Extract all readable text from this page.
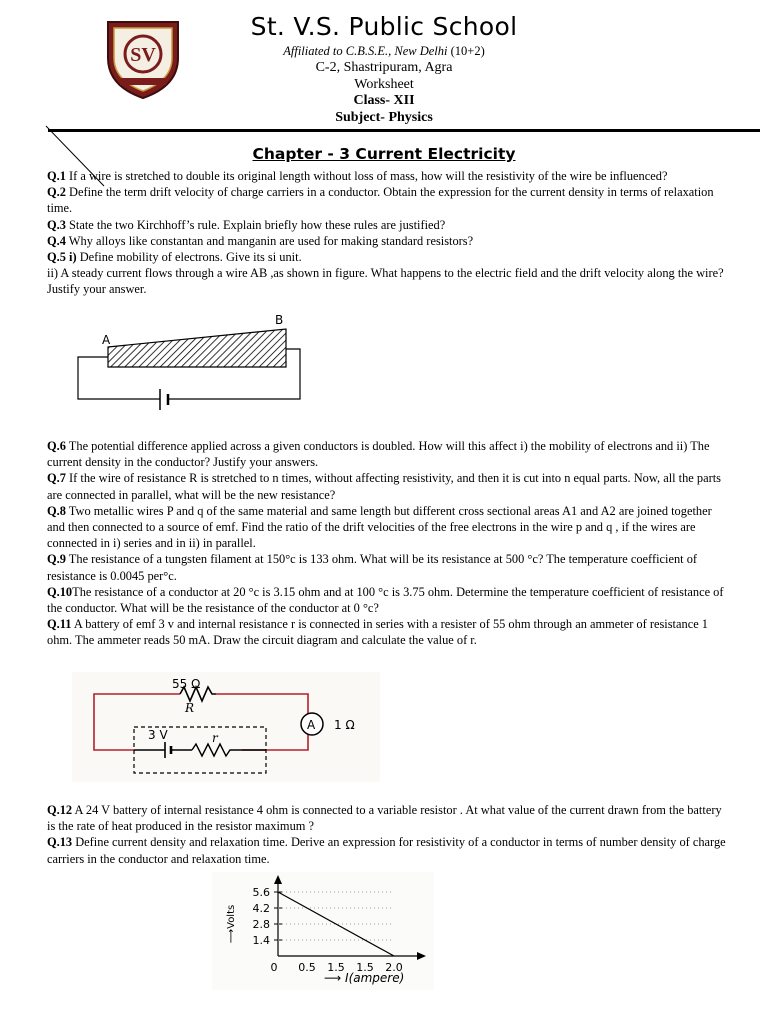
SV
St. V.S. Public School
Affiliated to C.B.S.E., New Delhi (10+2)
C-2, Shastripuram, Agra
Worksheet
Class- XII
Subject- Physics
Chapter - 3 Current Electricity

Q.1 If a wire is stretched to double its original length without loss of mass, how will the resistivity of the wire be influenced?

Q.2 Define the term drift velocity of charge carriers in a conductor. Obtain the expression for the current density in terms of relaxation time.

Q.3 State the two Kirchhoff’s rule. Explain briefly how these rules are justified?

Q.4 Why alloys like constantan and manganin are used for making standard resistors?

Q.5 i) Define mobility of electrons. Give its si unit.

ii) A steady current flows through a wire AB ,as shown in figure. What happens to the electric field and the drift velocity along the wire? Justify your answer.

A
B

Q.6 The potential difference applied across a given conductors is doubled. How will this affect i) the mobility of electrons and ii) The current density in the conductor? Justify your answers.

Q.7 If the wire of resistance R is stretched to n times, without affecting resistivity, and then it is cut into n equal parts. Now, all the parts are connected in parallel, what will be the new resistance?

Q.8 Two metallic wires P and q of the same material and same length but different cross sectional areas A1 and A2 are joined together and then connected to a source of emf. Find the ratio of the drift velocities of the free electrons in the wire p and q , if the wires are connected in i) series and in ii) in parallel.

Q.9 The resistance of a tungsten filament at 150°c is 133 ohm. What will be its resistance at 500 °c? The temperature coefficient of resistance is 0.0045 per°c.

Q.10The resistance of a conductor at 20 °c is 3.15 ohm and at 100 °c is 3.75 ohm. Determine the temperature coefficient of resistance of the conductor. What will be the resistance of the conductor at 0 °c?

Q.11 A battery of emf 3 v and internal resistance r is connected in series with a resister of 55 ohm through an ammeter of resistance 1 ohm. The ammeter reads 50 mA. Draw the circuit diagram and calculate the value of r.

55 Ω
R
A 1 Ω
3 V	r

Q.12 A 24 V battery of internal resistance 4 ohm is connected to a variable resistor . At what value of the current drawn from the battery is the rate of heat produced in the resistor maximum ?

Q.13 Define current density and relaxation time. Derive an expression for resistivity of a conductor in terms of number density of charge carriers in the conductor and relaxation time.

5.6
4.2
2.8
1.4
0 0.5 1.5 1.5 2.0
⟶Volts
⟶ I(ampere)
